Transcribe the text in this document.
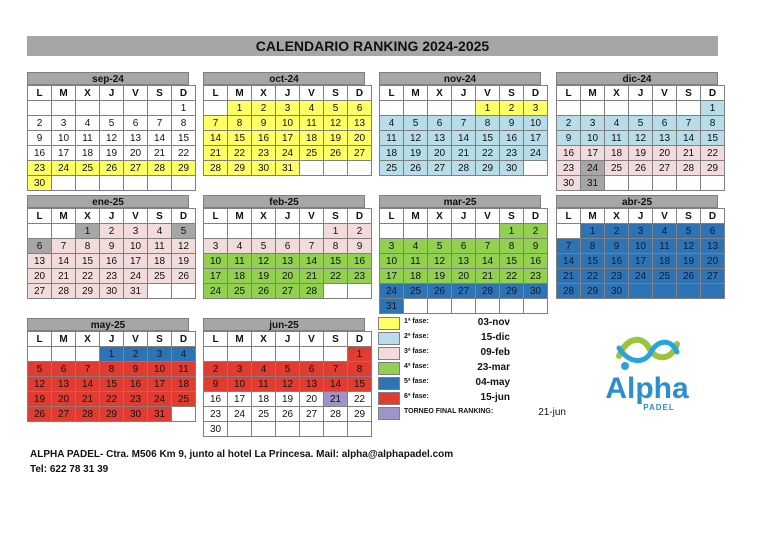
CALENDARIO RANKING 2024-2025
sep-24
L	M	X	J	V	S	D
						1
2	3	4	5	6	7	8
9	10	11	12	13	14	15
16	17	18	19	20	21	22
23	24	25	26	27	28	29
30						
oct-24
L	M	X	J	V	S	D
	1	2	3	4	5	6
7	8	9	10	11	12	13
14	15	16	17	18	19	20
21	22	23	24	25	26	27
28	29	30	31			
nov-24
L	M	X	J	V	S	D
				1	2	3
4	5	6	7	8	9	10
11	12	13	14	15	16	17
18	19	20	21	22	23	24
25	26	27	28	29	30	
dic-24
L	M	X	J	V	S	D
						1
2	3	4	5	6	7	8
9	10	11	12	13	14	15
16	17	18	19	20	21	22
23	24	25	26	27	28	29
30	31					
ene-25
L	M	X	J	V	S	D
		1	2	3	4	5
6	7	8	9	10	11	12
13	14	15	16	17	18	19
20	21	22	23	24	25	26
27	28	29	30	31		
feb-25
L	M	X	J	V	S	D
					1	2
3	4	5	6	7	8	9
10	11	12	13	14	15	16
17	18	19	20	21	22	23
24	25	26	27	28		
mar-25
L	M	X	J	V	S	D
					1	2
3	4	5	6	7	8	9
10	11	12	13	14	15	16
17	18	19	20	21	22	23
24	25	26	27	28	29	30
31						
abr-25
L	M	X	J	V	S	D
	1	2	3	4	5	6
7	8	9	10	11	12	13
14	15	16	17	18	19	20
21	22	23	24	25	26	27
28	29	30				
may-25
L	M	X	J	V	S	D
			1	2	3	4
5	6	7	8	9	10	11
12	13	14	15	16	17	18
19	20	21	22	23	24	25
26	27	28	29	30	31	
jun-25
L	M	X	J	V	S	D
						1
2	3	4	5	6	7	8
9	10	11	12	13	14	15
16	17	18	19	20	21	22
23	24	25	26	27	28	29
30						
1ª fase:	03-nov
2ª fase:	15-dic
3ª fase:	09-feb
4ª fase:	23-mar
5ª fase:	04-may
6ª fase:	15-jun
TORNEO FINAL RANKING:	21-jun
Alpha
PADEL
ALPHA PADEL- Ctra. M506 Km 9, junto al hotel La Princesa. Mail: alpha@alphapadel.com
Tel: 622 78 31 39
